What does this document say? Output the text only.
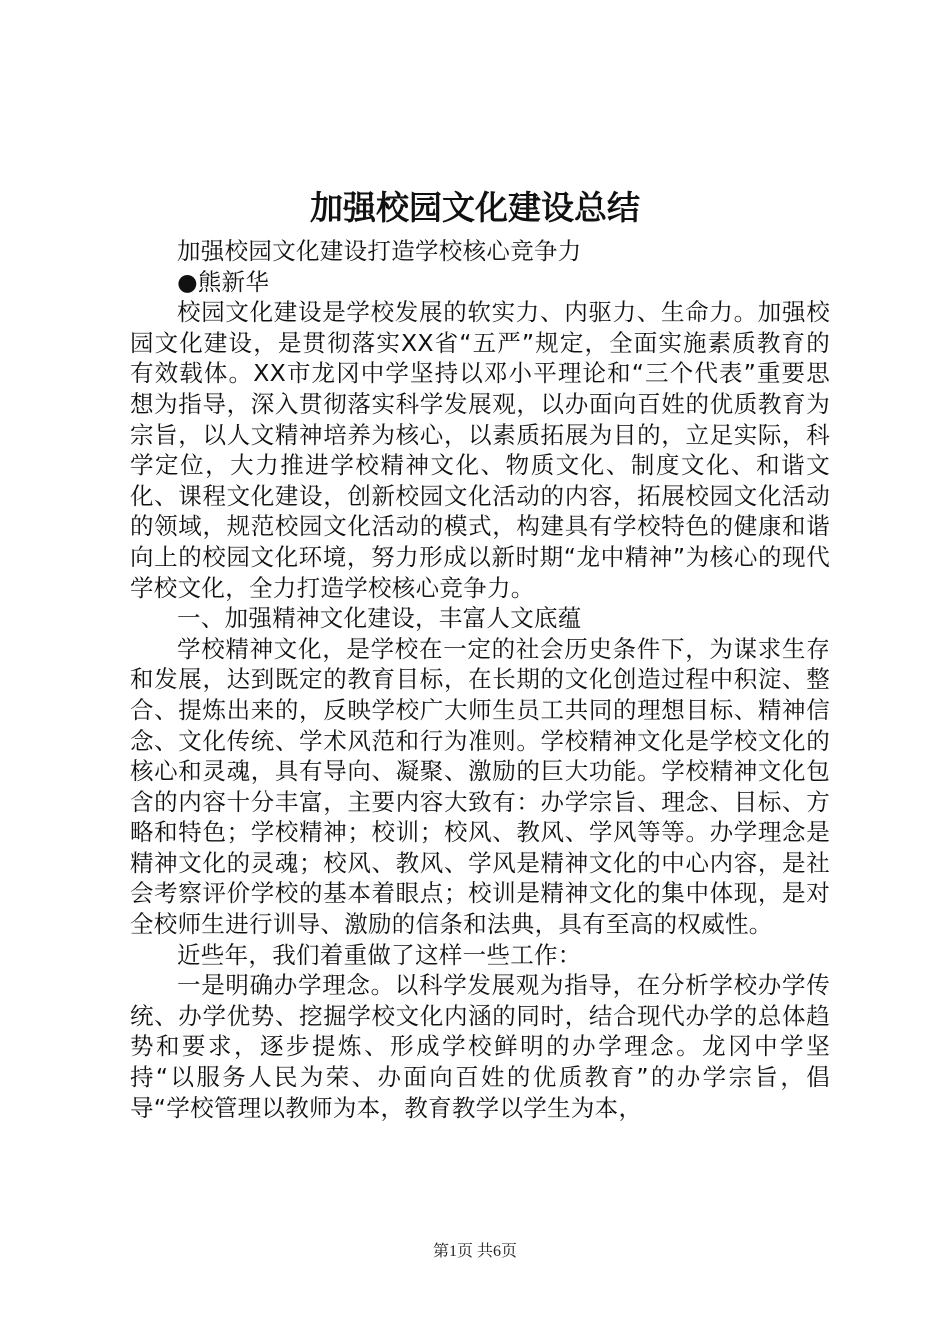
加强校园文化建设总结

加强校园文化建设打造学校核心竞争力

●熊新华

校园文化建设是学校发展的软实力、内驱力、生命力。加强校园文化建设，是贯彻落实XX省“五严”规定，全面实施素质教育的有效载体。XX市龙冈中学坚持以邓小平理论和“三个代表”重要思想为指导，深入贯彻落实科学发展观，以办面向百姓的优质教育为宗旨，以人文精神培养为核心，以素质拓展为目的，立足实际，科学定位，大力推进学校精神文化、物质文化、制度文化、和谐文化、课程文化建设，创新校园文化活动的内容，拓展校园文化活动的领域，规范校园文化活动的模式，构建具有学校特色的健康和谐向上的校园文化环境，努力形成以新时期“龙中精神”为核心的现代学校文化，全力打造学校核心竞争力。

一、加强精神文化建设，丰富人文底蕴

学校精神文化，是学校在一定的社会历史条件下，为谋求生存和发展，达到既定的教育目标，在长期的文化创造过程中积淀、整合、提炼出来的，反映学校广大师生员工共同的理想目标、精神信念、文化传统、学术风范和行为准则。学校精神文化是学校文化的核心和灵魂，具有导向、凝聚、激励的巨大功能。学校精神文化包含的内容十分丰富，主要内容大致有：办学宗旨、理念、目标、方略和特色；学校精神；校训；校风、教风、学风等等。办学理念是精神文化的灵魂；校风、教风、学风是精神文化的中心内容，是社会考察评价学校的基本着眼点；校训是精神文化的集中体现，是对全校师生进行训导、激励的信条和法典，具有至高的权威性。

近些年，我们着重做了这样一些工作：

一是明确办学理念。以科学发展观为指导，在分析学校办学传统、办学优势、挖掘学校文化内涵的同时，结合现代办学的总体趋势和要求，逐步提炼、形成学校鲜明的办学理念。龙冈中学坚持“以服务人民为荣、办面向百姓的优质教育”的办学宗旨，倡导“学校管理以教师为本，教育教学以学生为本，

第1页 共6页
